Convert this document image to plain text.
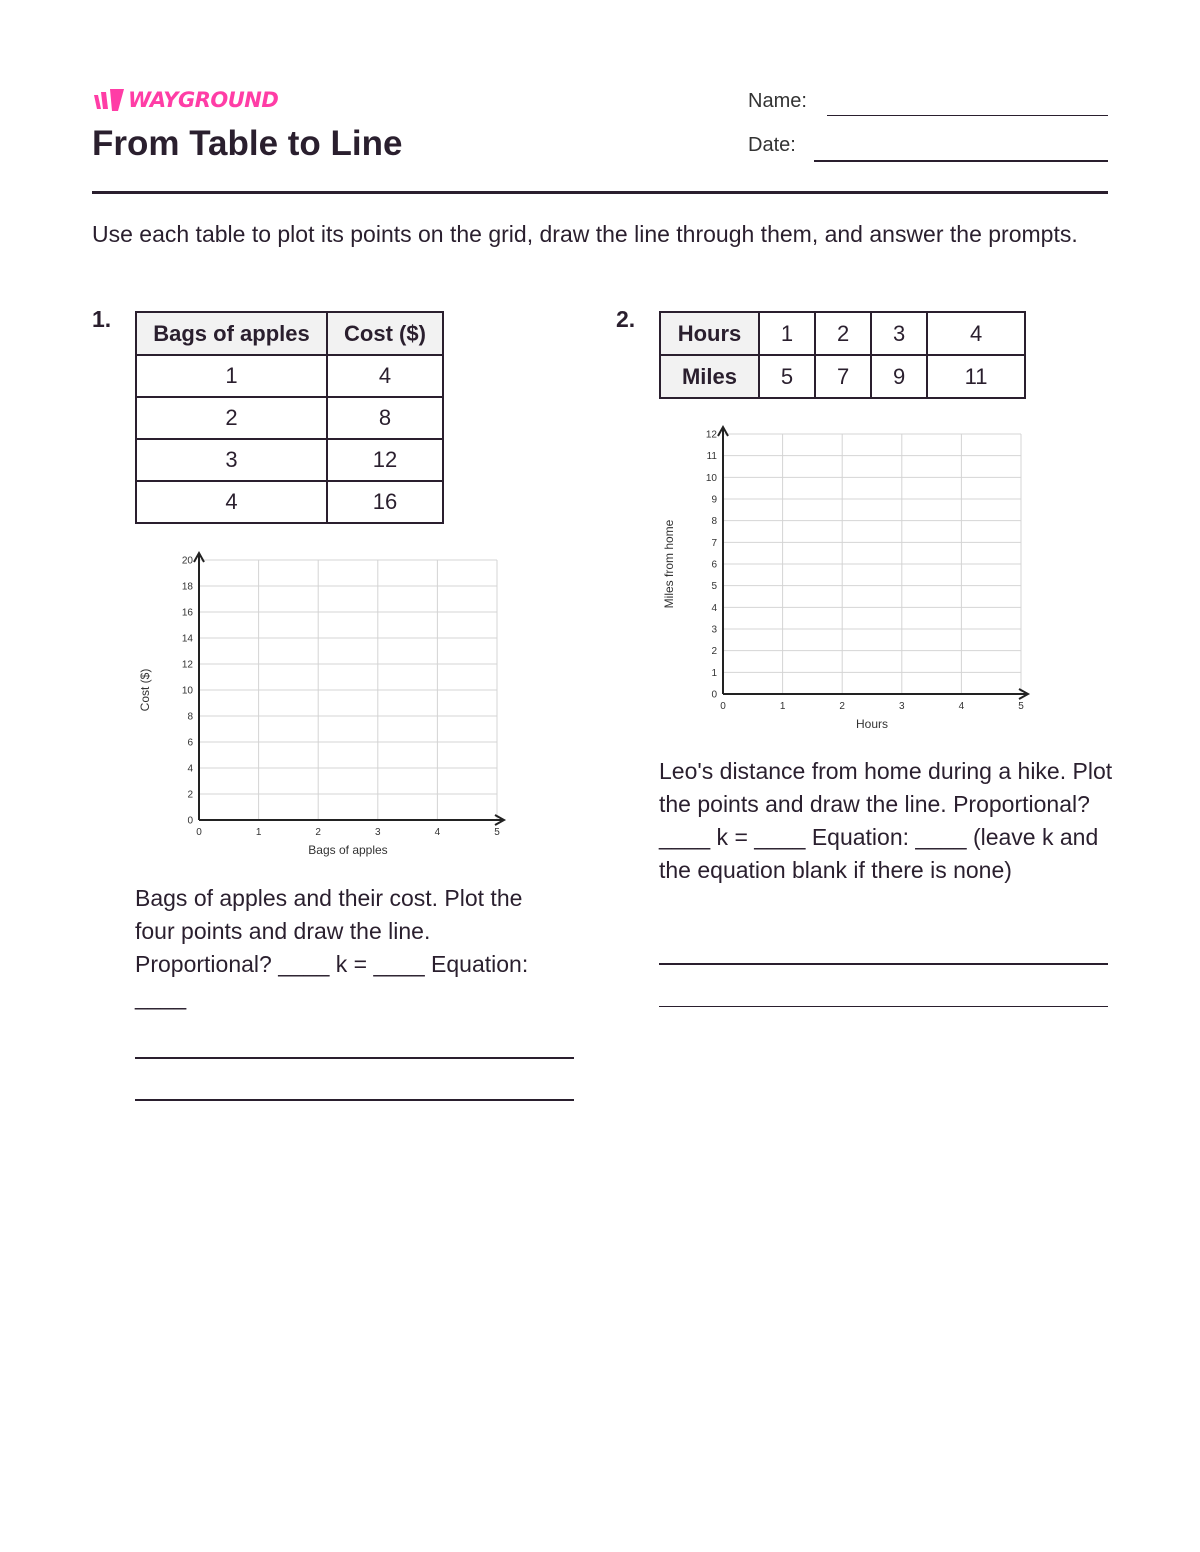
WAYGROUND
From Table to Line
Name:
Date:

Use each table to plot its points on the grid, draw the line through them, and answer the prompts.

1.
Bags of apples	Cost ($)
1	4
2	8
3	12
4	16
0	1	2	3	4	5
0
2
4
6
8
10
12
14
16
18
20
Bags of apples
Cost ($)

Bags of apples and their cost. Plot the four points and draw the line. Proportional? ____ k = ____ Equation: ____

2.
Hours	1	2	3	4
Miles	5	7	9	11
0	1	2	3	4	5
0
1
2
3
4
5
6
7
8
9
10
11
12
Hours
Miles from home

Leo's distance from home during a hike. Plot the points and draw the line. Proportional? ____ k = ____ Equation: ____ (leave k and the equation blank if there is none)
